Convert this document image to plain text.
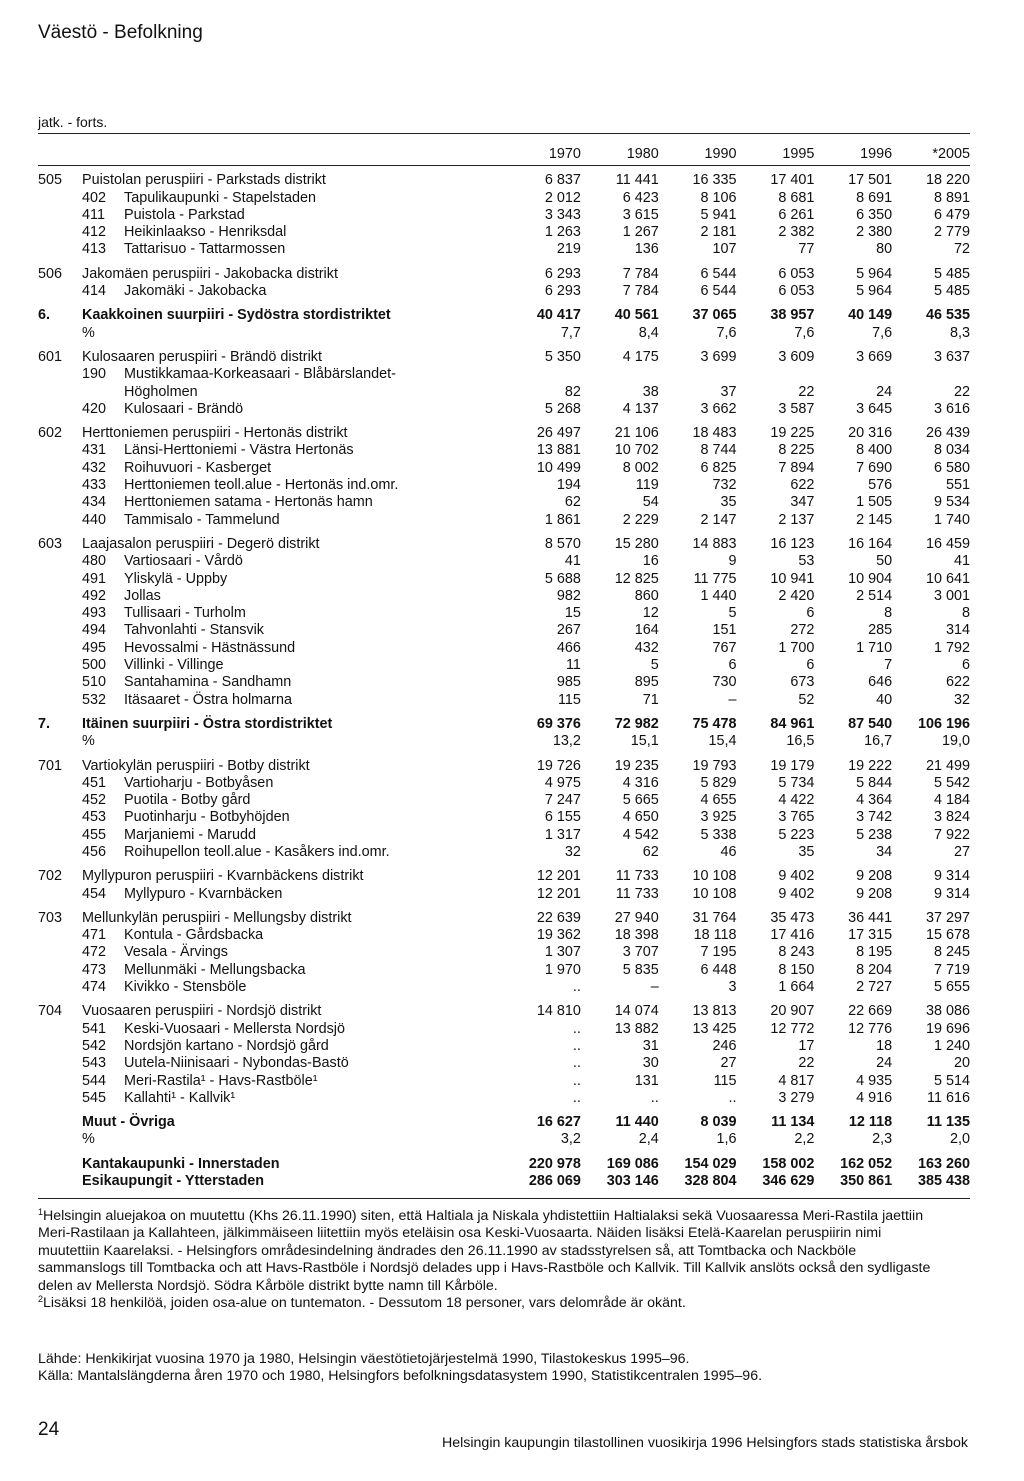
Väestö - Befolkning
jatk. - forts.
		1970	1980	1990	1995	1996	*2005
505	Puistolan peruspiiri - Parkstads distrikt	6 837	11 441	16 335	17 401	17 501	18 220
	402 Tapulikaupunki - Stapelstaden	2 012	6 423	8 106	8 681	8 691	8 891
	411 Puistola - Parkstad	3 343	3 615	5 941	6 261	6 350	6 479
	412 Heikinlaakso - Henriksdal	1 263	1 267	2 181	2 382	2 380	2 779
	413 Tattarisuo - Tattarmossen	219	136	107	77	80	72
506	Jakomäen peruspiiri - Jakobacka distrikt	6 293	7 784	6 544	6 053	5 964	5 485
	414 Jakomäki - Jakobacka	6 293	7 784	6 544	6 053	5 964	5 485
6.	Kaakkoinen suurpiiri - Sydöstra stordistriktet	40 417	40 561	37 065	38 957	40 149	46 535
	%	7,7	8,4	7,6	7,6	7,6	8,3
601	Kulosaaren peruspiiri - Brändö distrikt	5 350	4 175	3 699	3 609	3 669	3 637
	190 Mustikkamaa-Korkeasaari - Blåbärslandet-						
	Högholmen	82	38	37	22	24	22
	420 Kulosaari - Brändö	5 268	4 137	3 662	3 587	3 645	3 616
602	Herttoniemen peruspiiri - Hertonäs distrikt	26 497	21 106	18 483	19 225	20 316	26 439
	431 Länsi-Herttoniemi - Västra Hertonäs	13 881	10 702	8 744	8 225	8 400	8 034
	432 Roihuvuori - Kasberget	10 499	8 002	6 825	7 894	7 690	6 580
	433 Herttoniemen teoll.alue - Hertonäs ind.omr.	194	119	732	622	576	551
	434 Herttoniemen satama - Hertonäs hamn	62	54	35	347	1 505	9 534
	440 Tammisalo - Tammelund	1 861	2 229	2 147	2 137	2 145	1 740
603	Laajasalon peruspiiri - Degerö distrikt	8 570	15 280	14 883	16 123	16 164	16 459
	480 Vartiosaari - Vårdö	41	16	9	53	50	41
	491 Yliskylä - Uppby	5 688	12 825	11 775	10 941	10 904	10 641
	492 Jollas	982	860	1 440	2 420	2 514	3 001
	493 Tullisaari - Turholm	15	12	5	6	8	8
	494 Tahvonlahti - Stansvik	267	164	151	272	285	314
	495 Hevossalmi - Hästnässund	466	432	767	1 700	1 710	1 792
	500 Villinki - Villinge	11	5	6	6	7	6
	510 Santahamina - Sandhamn	985	895	730	673	646	622
	532 Itäsaaret - Östra holmarna	115	71	–	52	40	32
7.	Itäinen suurpiiri - Östra stordistriktet	69 376	72 982	75 478	84 961	87 540	106 196
	%	13,2	15,1	15,4	16,5	16,7	19,0
701	Vartiokylän peruspiiri - Botby distrikt	19 726	19 235	19 793	19 179	19 222	21 499
	451 Vartioharju - Botbyåsen	4 975	4 316	5 829	5 734	5 844	5 542
	452 Puotila - Botby gård	7 247	5 665	4 655	4 422	4 364	4 184
	453 Puotinharju - Botbyhöjden	6 155	4 650	3 925	3 765	3 742	3 824
	455 Marjaniemi - Marudd	1 317	4 542	5 338	5 223	5 238	7 922
	456 Roihupellon teoll.alue - Kasåkers ind.omr.	32	62	46	35	34	27
702	Myllypuron peruspiiri - Kvarnbäckens distrikt	12 201	11 733	10 108	9 402	9 208	9 314
	454 Myllypuro - Kvarnbäcken	12 201	11 733	10 108	9 402	9 208	9 314
703	Mellunkylän peruspiiri - Mellungsby distrikt	22 639	27 940	31 764	35 473	36 441	37 297
	471 Kontula - Gårdsbacka	19 362	18 398	18 118	17 416	17 315	15 678
	472 Vesala - Ärvings	1 307	3 707	7 195	8 243	8 195	8 245
	473 Mellunmäki - Mellungsbacka	1 970	5 835	6 448	8 150	8 204	7 719
	474 Kivikko - Stensböle	..	–	3	1 664	2 727	5 655
704	Vuosaaren peruspiiri - Nordsjö distrikt	14 810	14 074	13 813	20 907	22 669	38 086
	541 Keski-Vuosaari - Mellersta Nordsjö	..	13 882	13 425	12 772	12 776	19 696
	542 Nordsjön kartano - Nordsjö gård	..	31	246	17	18	1 240
	543 Uutela-Niinisaari - Nybondas-Bastö	..	30	27	22	24	20
	544 Meri-Rastila¹ - Havs-Rastböle¹	..	131	115	4 817	4 935	5 514
	545 Kallahti¹ - Kallvik¹	..	..	..	3 279	4 916	11 616
	Muut - Övriga	16 627	11 440	8 039	11 134	12 118	11 135
	%	3,2	2,4	1,6	2,2	2,3	2,0
	Kantakaupunki - Innerstaden	220 978	169 086	154 029	158 002	162 052	163 260
	Esikaupungit - Ytterstaden	286 069	303 146	328 804	346 629	350 861	385 438

$^1$Helsingin aluejakoa on muutettu (Khs 26.11.1990) siten, että Haltiala ja Niskala yhdistettiin Haltialaksi sekä Vuosaaressa Meri-Rastila jaettiin Meri-Rastilaan ja Kallahteen, jälkimmäiseen liitettiin myös eteläisin osa Keski-Vuosaarta. Näiden lisäksi Etelä-Kaarelan peruspiirin nimi muutettiin Kaarelaksi. - Helsingfors områdesindelning ändrades den 26.11.1990 av stadsstyrelsen så, att Tomtbacka och Nackböle sammanslogs till Tomtbacka och att Havs-Rastböle i Nordsjö delades upp i Havs-Rastböle och Kallvik. Till Kallvik anslöts också den sydligaste delen av Mellersta Nordsjö. Södra Kårböle distrikt bytte namn till Kårböle.

$^2$Lisäksi 18 henkilöä, joiden osa-alue on tuntematon. - Dessutom 18 personer, vars delområde är okänt.

Lähde: Henkikirjat vuosina 1970 ja 1980, Helsingin väestötietojärjestelmä 1990, Tilastokeskus 1995–96.

Källa: Mantalslängderna åren 1970 och 1980, Helsingfors befolkningsdatasystem 1990, Statistikcentralen 1995–96.

24
Helsingin kaupungin tilastollinen vuosikirja 1996 Helsingfors stads statistiska årsbok
